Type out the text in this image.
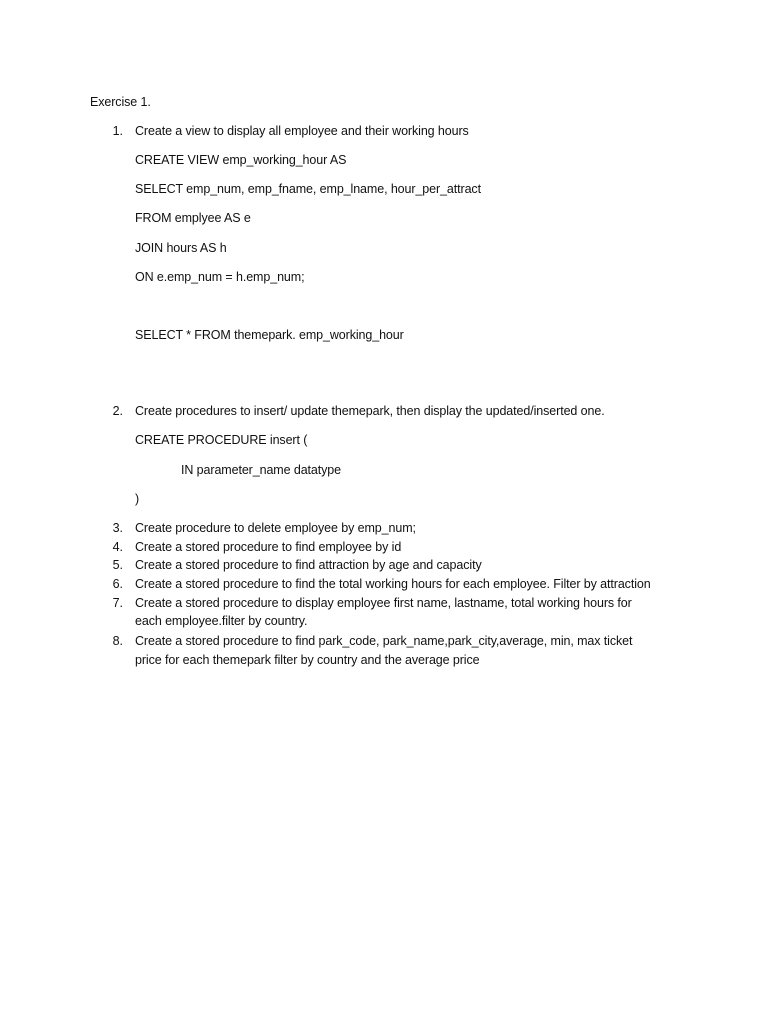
Exercise 1.
1. Create a view to display all employee and their working hours
CREATE VIEW emp_working_hour AS
SELECT emp_num, emp_fname, emp_lname, hour_per_attract
FROM emplyee AS e
JOIN hours AS h
ON e.emp_num = h.emp_num;
SELECT * FROM themepark. emp_working_hour
2. Create procedures to insert/ update themepark, then display the updated/inserted one.
CREATE PROCEDURE insert (
IN parameter_name datatype
)
3. Create procedure to delete employee by emp_num;
4. Create a stored procedure to find employee by id
5. Create a stored procedure to find attraction by age and capacity
6. Create a stored procedure to find the total working hours for each employee. Filter by attraction
7. Create a stored procedure to display employee first name, lastname, total working hours for
each employee.filter by country.
8. Create a stored procedure to find park_code, park_name,park_city,average, min, max ticket
price for each themepark filter by country and the average price
